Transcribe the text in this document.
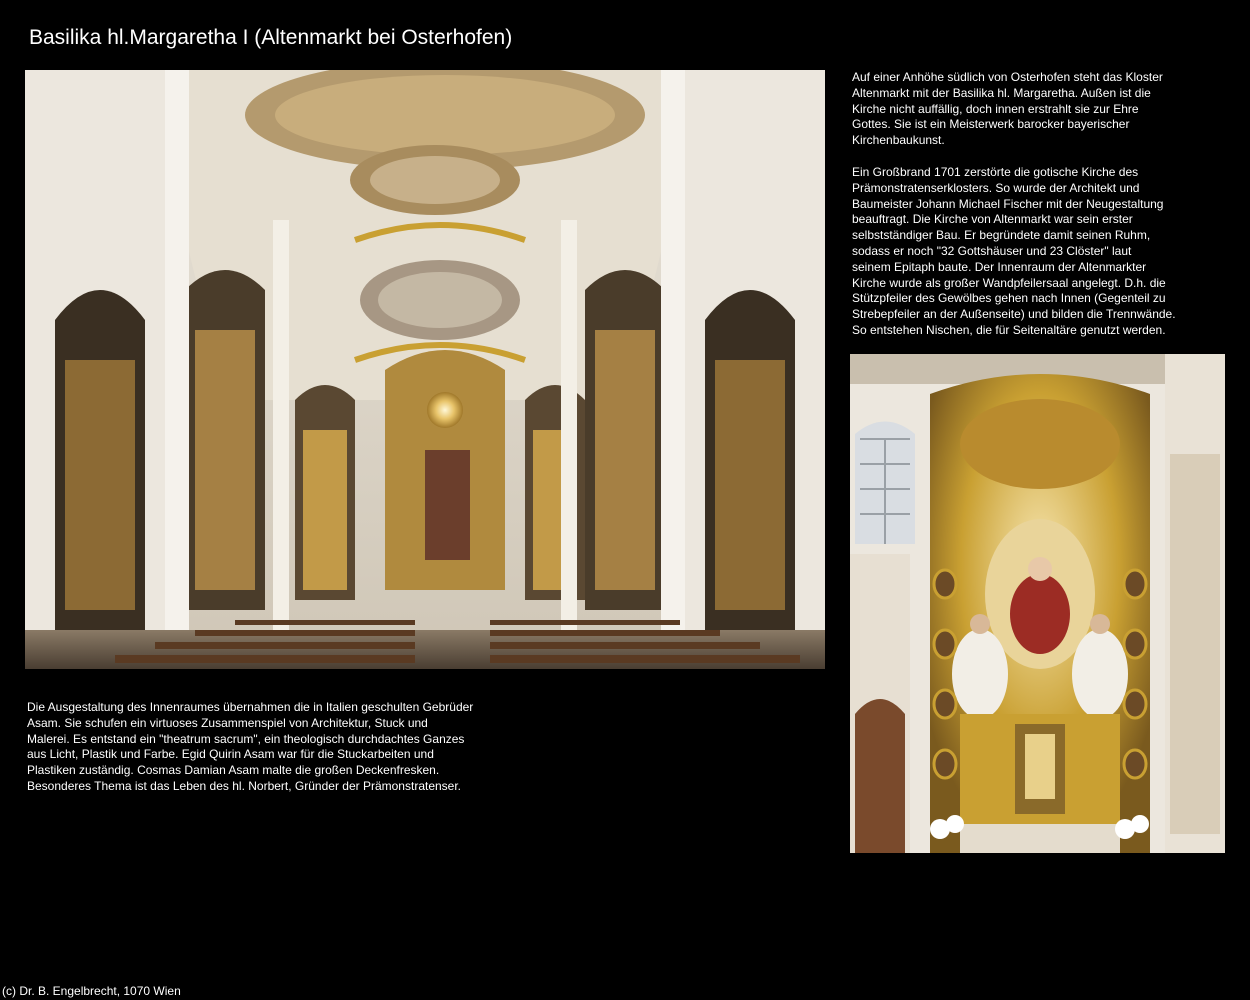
Basilika hl.Margaretha I (Altenmarkt bei Osterhofen)
Auf einer Anhöhe südlich von Osterhofen steht das Kloster
Altenmarkt mit der Basilika hl. Margaretha. Außen ist die
Kirche nicht auffällig, doch innen erstrahlt sie zur Ehre
Gottes. Sie ist ein Meisterwerk barocker bayerischer
Kirchenbaukunst.
Ein Großbrand 1701 zerstörte die gotische Kirche des
Prämonstratenserklosters. So wurde der Architekt und
Baumeister Johann Michael Fischer mit der Neugestaltung
beauftragt. Die Kirche von Altenmarkt war sein erster
selbstständiger Bau. Er begründete damit seinen Ruhm,
sodass er noch "32 Gottshäuser und 23 Clöster" laut
seinem Epitaph baute. Der Innenraum der Altenmarkter
Kirche wurde als großer Wandpfeilersaal angelegt. D.h. die
Stützpfeiler des Gewölbes gehen nach Innen (Gegenteil zu
Strebepfeiler an der Außenseite) und bilden die Trennwände.
So entstehen Nischen, die für Seitenaltäre genutzt werden.
Die Ausgestaltung des Innenraumes übernahmen die in Italien geschulten Gebrüder
Asam. Sie schufen ein virtuoses Zusammenspiel von Architektur, Stuck und
Malerei. Es entstand ein "theatrum sacrum", ein theologisch durchdachtes Ganzes
aus Licht, Plastik und Farbe. Egid Quirin Asam war für die Stuckarbeiten und
Plastiken zuständig. Cosmas Damian Asam malte die großen Deckenfresken.
Besonderes Thema ist das Leben des hl. Norbert, Gründer der Prämonstratenser.
(c) Dr. B. Engelbrecht, 1070 Wien
